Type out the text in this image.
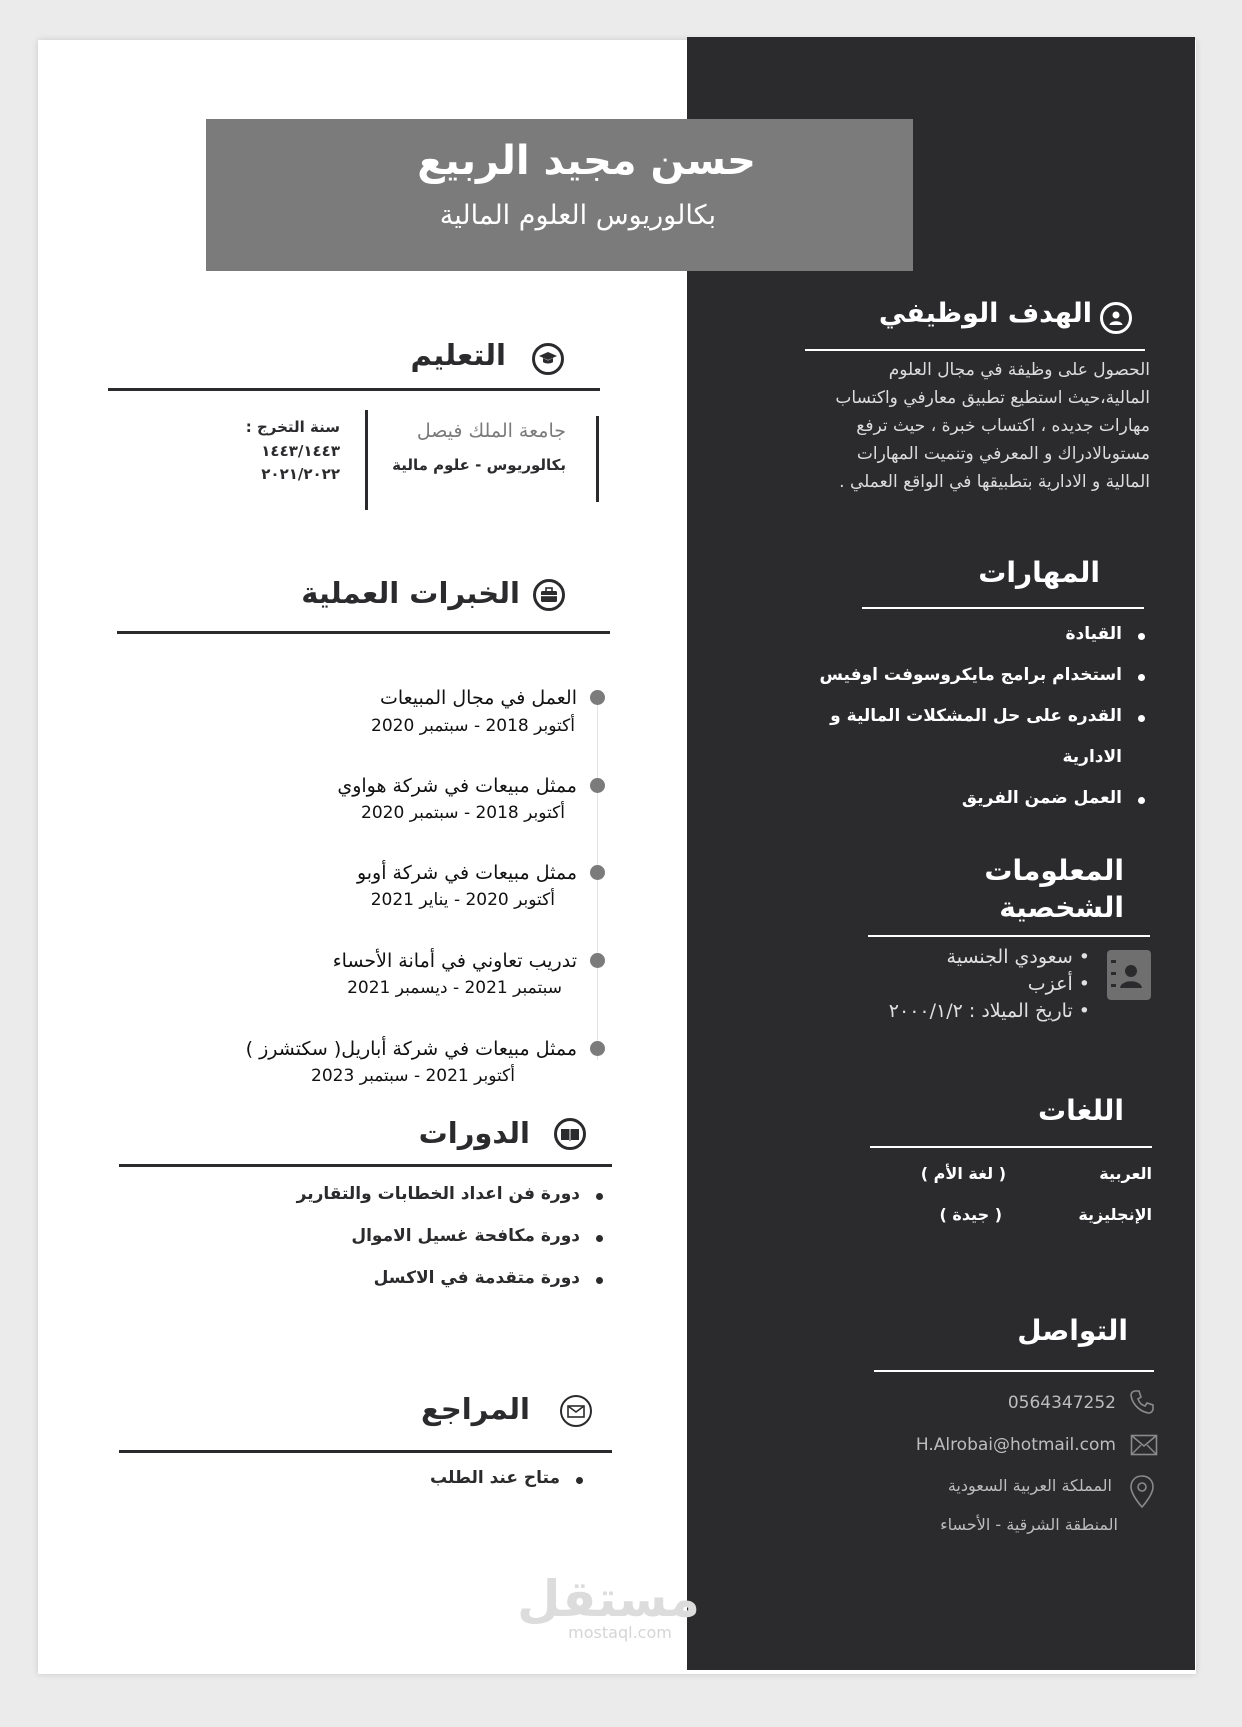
حسن مجيد الربيع
بكالوريوس العلوم المالية
الهدف الوظيفي
الحصول على وظيفة في مجال العلوم
المالية،حيث استطيع تطبيق معارفي واكتساب
مهارات جديده ، اكتساب خبرة ، حيث ترفع
مستوىالادراك و المعرفي وتنميت المهارات
المالية و الادارية بتطبيقها في الواقع العملي .
المهارات
القيادة
استخدام برامج مايكروسوفت اوفيس
القدره على حل المشكلات المالية و
الادارية
العمل ضمن الفريق
المعلومات
الشخصية
• سعودي الجنسية
• أعزب
• تاريخ الميلاد : ٢٠٠٠/١/٢
اللغات
العربية
( لغة الأم )
الإنجليزية
( جيدة )
التواصل
0564347252
H.Alrobai@hotmail.com
المملكة العربية السعودية
المنطقة الشرقية - الأحساء
التعليم
جامعة الملك فيصل
بكالوريوس - علوم مالية
سنة التخرج :
١٤٤٣/١٤٤٣
٢٠٢١/٢٠٢٢
الخبرات العملية
العمل في مجال المبيعات
أكتوبر 2018 - سبتمبر 2020
ممثل مبيعات في شركة هواوي
أكتوبر 2018 - سبتمبر 2020
ممثل مبيعات في شركة أوبو
أكتوبر 2020 - يناير 2021
تدريب تعاوني في أمانة الأحساء
سبتمبر 2021 - ديسمبر 2021
ممثل مبيعات في شركة أباريل( سكتشرز )
أكتوبر 2021 - سبتمبر 2023
الدورات
دورة فن اعداد الخطابات والتقارير
دورة مكافحة غسيل الاموال
دورة متقدمة في الاكسل
المراجع
متاح عند الطلب
مستقل
mostaql.com
